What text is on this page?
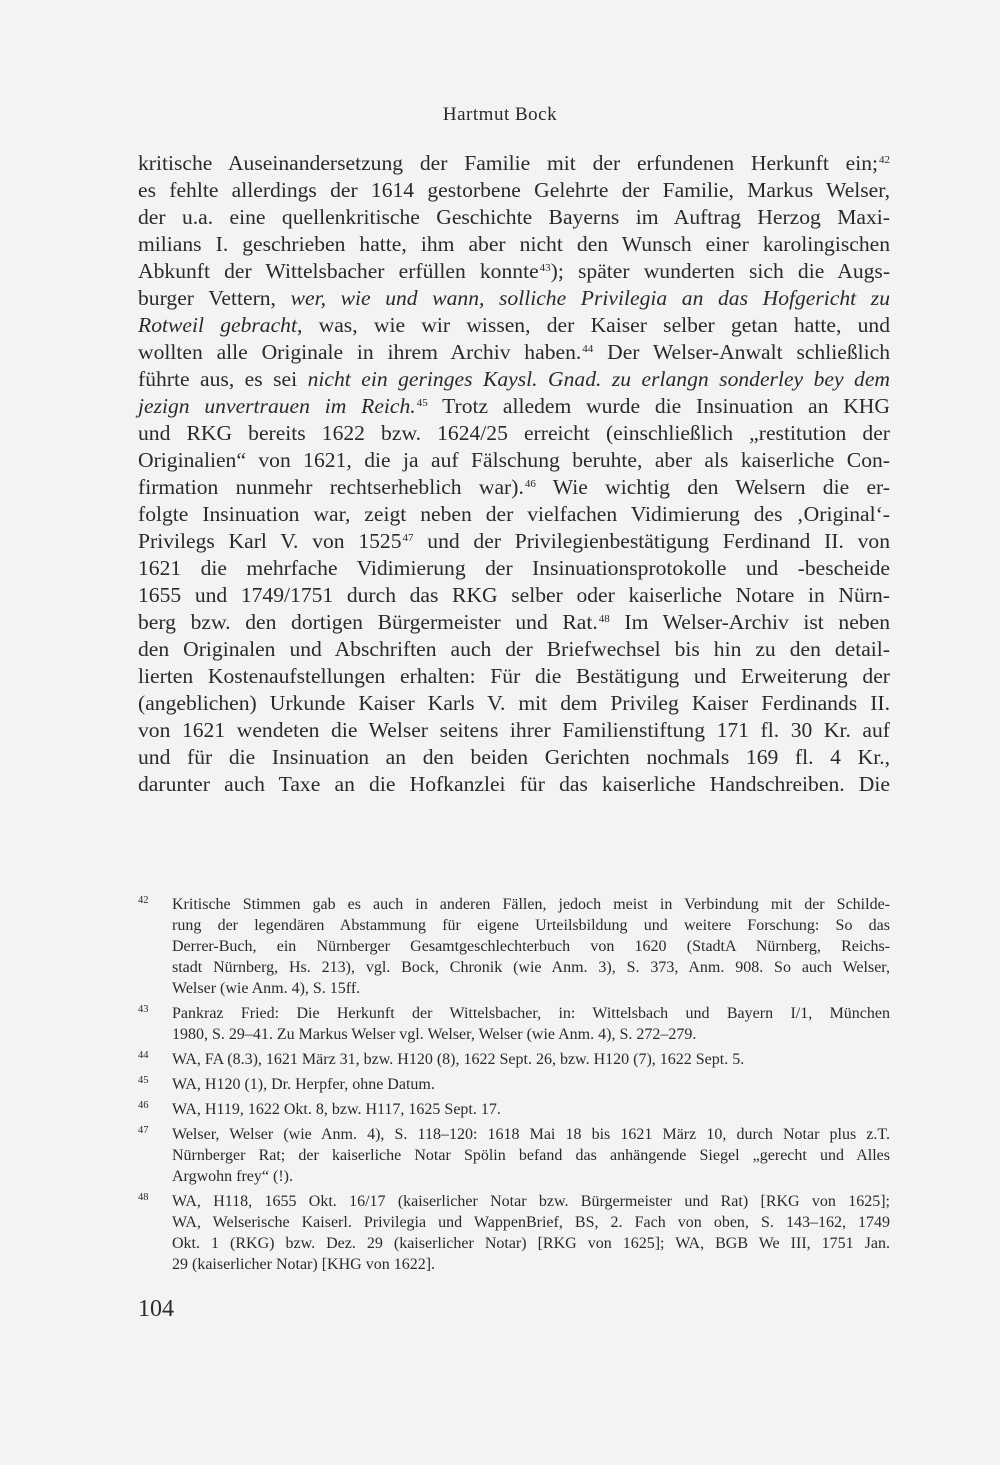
Hartmut Bock
kritische Auseinandersetzung der Familie mit der erfundenen Herkunft ein;$^{42}$
es fehlte allerdings der 1614 gestorbene Gelehrte der Familie, Markus Welser,
der u.a. eine quellenkritische Geschichte Bayerns im Auftrag Herzog Maxi-
milians I. geschrieben hatte, ihm aber nicht den Wunsch einer karolingischen
Abkunft der Wittelsbacher erfüllen konnte$^{43}$); später wunderten sich die Augs-
burger Vettern, wer, wie und wann, solliche Privilegia an das Hofgericht zu
Rotweil gebracht, was, wie wir wissen, der Kaiser selber getan hatte, und
wollten alle Originale in ihrem Archiv haben.$^{44}$ Der Welser-Anwalt schließlich
führte aus, es sei nicht ein geringes Kaysl. Gnad. zu erlangn sonderley bey dem
jezign unvertrauen im Reich.$^{45}$ Trotz alledem wurde die Insinuation an KHG
und RKG bereits 1622 bzw. 1624/25 erreicht (einschließlich „restitution der
Originalien“ von 1621, die ja auf Fälschung beruhte, aber als kaiserliche Con-
firmation nunmehr rechtserheblich war).$^{46}$ Wie wichtig den Welsern die er-
folgte Insinuation war, zeigt neben der vielfachen Vidimierung des ‚Original‘-
Privilegs Karl V. von 1525$^{47}$ und der Privilegienbestätigung Ferdinand II. von
1621 die mehrfache Vidimierung der Insinuationsprotokolle und -bescheide
1655 und 1749/1751 durch das RKG selber oder kaiserliche Notare in Nürn-
berg bzw. den dortigen Bürgermeister und Rat.$^{48}$ Im Welser-Archiv ist neben
den Originalen und Abschriften auch der Briefwechsel bis hin zu den detail-
lierten Kostenaufstellungen erhalten: Für die Bestätigung und Erweiterung der
(angeblichen) Urkunde Kaiser Karls V. mit dem Privileg Kaiser Ferdinands II.
von 1621 wendeten die Welser seitens ihrer Familienstiftung 171 fl. 30 Kr. auf
und für die Insinuation an den beiden Gerichten nochmals 169 fl. 4 Kr.,
darunter auch Taxe an die Hofkanzlei für das kaiserliche Handschreiben. Die
42 Kritische Stimmen gab es auch in anderen Fällen, jedoch meist in Verbindung mit der Schilde-
rung der legendären Abstammung für eigene Urteilsbildung und weitere Forschung: So das
Derrer-Buch, ein Nürnberger Gesamtgeschlechterbuch von 1620 (StadtA Nürnberg, Reichs-
stadt Nürnberg, Hs. 213), vgl. Bock, Chronik (wie Anm. 3), S. 373, Anm. 908. So auch Welser,
Welser (wie Anm. 4), S. 15ff.
43 Pankraz Fried: Die Herkunft der Wittelsbacher, in: Wittelsbach und Bayern I/1, München
1980, S. 29–41. Zu Markus Welser vgl. Welser, Welser (wie Anm. 4), S. 272–279.
44 WA, FA (8.3), 1621 März 31, bzw. H120 (8), 1622 Sept. 26, bzw. H120 (7), 1622 Sept. 5.
45 WA, H120 (1), Dr. Herpfer, ohne Datum.
46 WA, H119, 1622 Okt. 8, bzw. H117, 1625 Sept. 17.
47 Welser, Welser (wie Anm. 4), S. 118–120: 1618 Mai 18 bis 1621 März 10, durch Notar plus z.T.
Nürnberger Rat; der kaiserliche Notar Spölin befand das anhängende Siegel „gerecht und Alles
Argwohn frey“ (!).
48 WA, H118, 1655 Okt. 16/17 (kaiserlicher Notar bzw. Bürgermeister und Rat) [RKG von 1625];
WA, Welserische Kaiserl. Privilegia und WappenBrief, BS, 2. Fach von oben, S. 143–162, 1749
Okt. 1 (RKG) bzw. Dez. 29 (kaiserlicher Notar) [RKG von 1625]; WA, BGB We III, 1751 Jan.
29 (kaiserlicher Notar) [KHG von 1622].
104
